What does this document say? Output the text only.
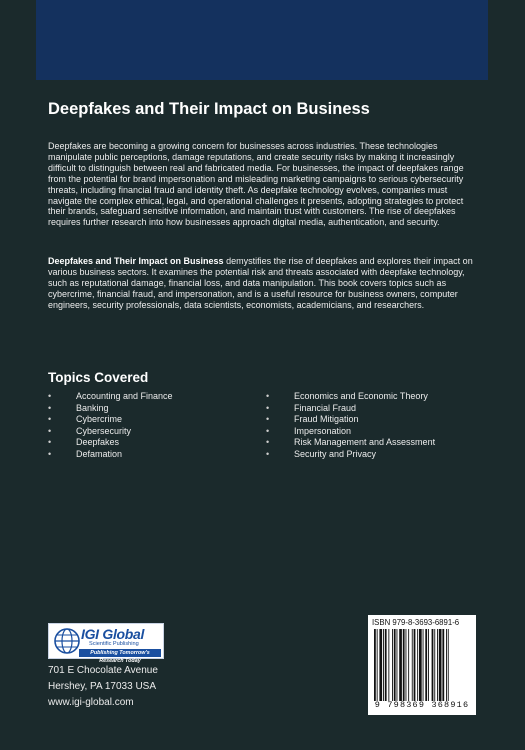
Deepfakes and Their Impact on Business

Deepfakes are becoming a growing concern for businesses across industries. These technologies manipulate public perceptions, damage reputations, and create security risks by making it increasingly difficult to distinguish between real and fabricated media. For businesses, the impact of deepfakes range from the potential for brand impersonation and misleading marketing campaigns to serious cybersecurity threats, including financial fraud and identity theft. As deepfake technology evolves, companies must navigate the complex ethical, legal, and operational challenges it presents, adopting strategies to protect their brands, safeguard sensitive information, and maintain trust with customers. The rise of deepfakes requires further research into how businesses approach digital media, authentication, and security.

Deepfakes and Their Impact on Business demystifies the rise of deepfakes and explores their impact on various business sectors. It examines the potential risk and threats associated with deepfake technology, such as reputational damage, financial loss, and data manipulation. This book covers topics such as cybercrime, financial fraud, and impersonation, and is a useful resource for business owners, computer engineers, security professionals, data scientists, economists, academicians, and researchers.

Topics Covered
• Accounting and Finance
• Banking
• Cybercrime
• Cybersecurity
• Deepfakes
• Defamation
• Economics and Economic Theory
• Financial Fraud
• Fraud Mitigation
• Impersonation
• Risk Management and Assessment
• Security and Privacy
IGI Global
Scientific Publishing
Publishing Tomorrow's Research Today
701 E Chocolate Avenue
Hershey, PA 17033 USA
www.igi-global.com
ISBN 979-8-3693-6891-6
9 798369 368916
